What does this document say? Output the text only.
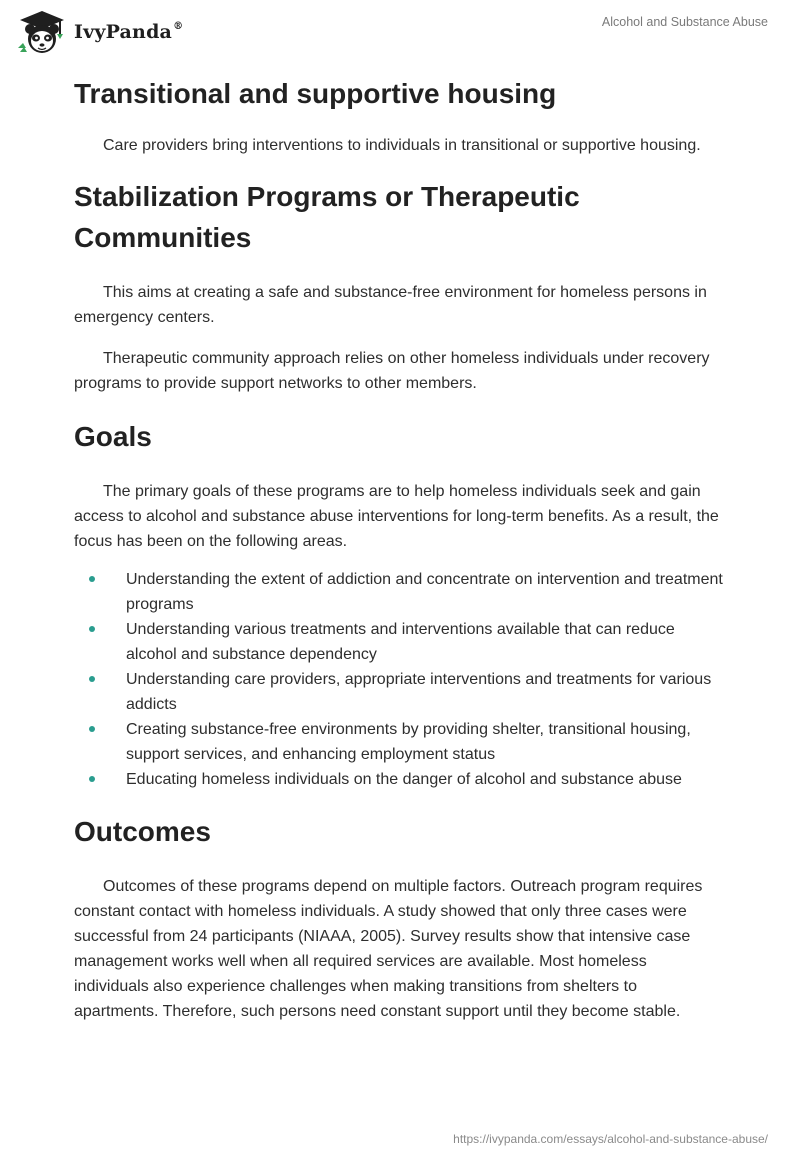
IvyPanda®	Alcohol and Substance Abuse
Transitional and supportive housing

Care providers bring interventions to individuals in transitional or supportive housing.

Stabilization Programs or Therapeutic Communities

This aims at creating a safe and substance-free environment for homeless persons in emergency centers.

Therapeutic community approach relies on other homeless individuals under recovery programs to provide support networks to other members.

Goals

The primary goals of these programs are to help homeless individuals seek and gain access to alcohol and substance abuse interventions for long-term benefits. As a result, the focus has been on the following areas.

Understanding the extent of addiction and concentrate on intervention and treatment programs
Understanding various treatments and interventions available that can reduce alcohol and substance dependency
Understanding care providers, appropriate interventions and treatments for various addicts
Creating substance-free environments by providing shelter, transitional housing, support services, and enhancing employment status
Educating homeless individuals on the danger of alcohol and substance abuse
Outcomes

Outcomes of these programs depend on multiple factors. Outreach program requires constant contact with homeless individuals. A study showed that only three cases were successful from 24 participants (NIAAA, 2005). Survey results show that intensive case management works well when all required services are available. Most homeless individuals also experience challenges when making transitions from shelters to apartments. Therefore, such persons need constant support until they become stable.

https://ivypanda.com/essays/alcohol-and-substance-abuse/
